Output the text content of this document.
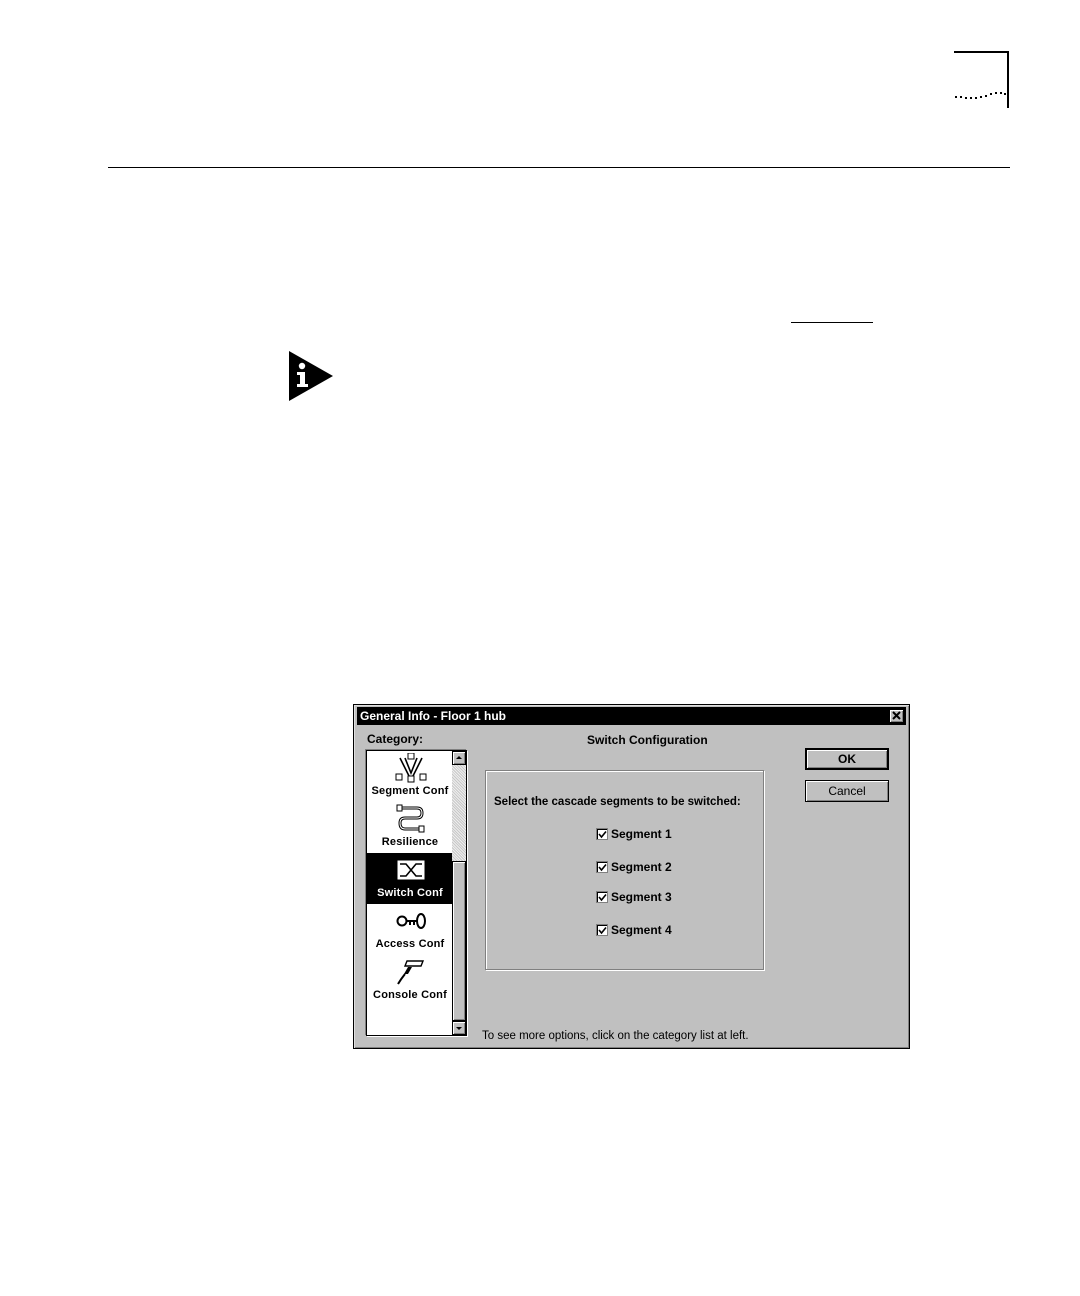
General Info - Floor 1 hub
Category:	Switch Configuration
Segment Conf
Resilience
Switch Conf
Access Conf
Console Conf
Select the cascade segments to be switched:
Segment 1
Segment 2
Segment 3
Segment 4
OK
Cancel
To see more options, click on the category list at left.
